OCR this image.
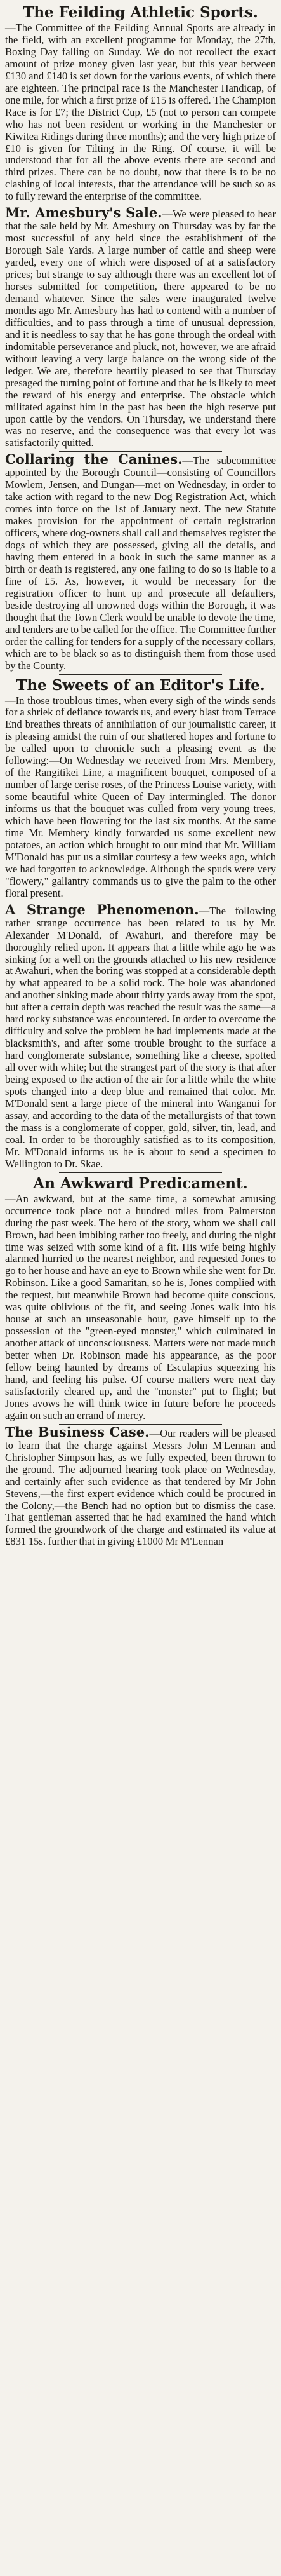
The Feilding Athletic Sports.

—The Committee of the Feilding Annual Sports are already in the field, with an excellent programme for Monday, the 27th, Boxing Day falling on Sunday. We do not recollect the exact amount of prize money given last year, but this year between £130 and £140 is set down for the various events, of which there are eighteen. The principal race is the Manchester Handicap, of one mile, for which a first prize of £15 is offered. The Champion Race is for £7; the District Cup, £5 (not to person can compete who has not been resident or working in the Manchester or Kiwitea Ridings during three months); and the very high prize of £10 is given for Tilting in the Ring. Of course, it will be understood that for all the above events there are second and third prizes. There can be no doubt, now that there is to be no clashing of local interests, that the attendance will be such so as to fully reward the enterprise of the committee.

Mr. Amesbury's Sale.—We were pleased to hear that the sale held by Mr. Amesbury on Thursday was by far the most successful of any held since the establishment of the Borough Sale Yards. A large number of cattle and sheep were yarded, every one of which were disposed of at a satisfactory prices; but strange to say although there was an excellent lot of horses submitted for competition, there appeared to be no demand whatever. Since the sales were inaugurated twelve months ago Mr. Amesbury has had to contend with a number of difficulties, and to pass through a time of unusual depression, and it is needless to say that he has gone through the ordeal with indomitable perseverance and pluck, not, however, we are afraid without leaving a very large balance on the wrong side of the ledger. We are, therefore heartily pleased to see that Thursday presaged the turning point of fortune and that he is likely to meet the reward of his energy and enterprise. The obstacle which militated against him in the past has been the high reserve put upon cattle by the vendors. On Thursday, we understand there was no reserve, and the consequence was that every lot was satisfactorily quitted.

Collaring the Canines.—The subcommittee appointed by the Borough Council—consisting of Councillors Mowlem, Jensen, and Dungan—met on Wednesday, in order to take action with regard to the new Dog Registration Act, which comes into force on the 1st of January next. The new Statute makes provision for the appointment of certain registration officers, where dog-owners shall call and themselves register the dogs of which they are possessed, giving all the details, and having them entered in a book in such the same manner as a birth or death is registered, any one failing to do so is liable to a fine of £5. As, however, it would be necessary for the registration officer to hunt up and prosecute all defaulters, beside destroying all unowned dogs within the Borough, it was thought that the Town Clerk would be unable to devote the time, and tenders are to be called for the office. The Committee further order the calling for tenders for a supply of the necessary collars, which are to be black so as to distinguish them from those used by the County.

The Sweets of an Editor's Life.

—In those troublous times, when every sigh of the winds sends for a shriek of defiance towards us, and every blast from Terrace End breathes threats of annihilation of our journalistic career, it is pleasing amidst the ruin of our shattered hopes and fortune to be called upon to chronicle such a pleasing event as the following:—On Wednesday we received from Mrs. Membery, of the Rangitikei Line, a magnificent bouquet, composed of a number of large cerise roses, of the Princess Louise variety, with some beautiful white Queen of Day intermingled. The donor informs us that the bouquet was culled from very young trees, which have been flowering for the last six months. At the same time Mr. Membery kindly forwarded us some excellent new potatoes, an action which brought to our mind that Mr. William M'Donald has put us a similar courtesy a few weeks ago, which we had forgotten to acknowledge. Although the spuds were very "flowery," gallantry commands us to give the palm to the other floral present.

A Strange Phenomenon.—The following rather strange occurrence has been related to us by Mr. Alexander M'Donald, of Awahuri, and therefore may be thoroughly relied upon. It appears that a little while ago he was sinking for a well on the grounds attached to his new residence at Awahuri, when the boring was stopped at a considerable depth by what appeared to be a solid rock. The hole was abandoned and another sinking made about thirty yards away from the spot, but after a certain depth was reached the result was the same—a hard rocky substance was encountered. In order to overcome the difficulty and solve the problem he had implements made at the blacksmith's, and after some trouble brought to the surface a hard conglomerate substance, something like a cheese, spotted all over with white; but the strangest part of the story is that after being exposed to the action of the air for a little while the white spots changed into a deep blue and remained that color. Mr. M'Donald sent a large piece of the mineral into Wanganui for assay, and according to the data of the metallurgists of that town the mass is a conglomerate of copper, gold, silver, tin, lead, and coal. In order to be thoroughly satisfied as to its composition, Mr. M'Donald informs us he is about to send a specimen to Wellington to Dr. Skae.

An Awkward Predicament.

—An awkward, but at the same time, a somewhat amusing occurrence took place not a hundred miles from Palmerston during the past week. The hero of the story, whom we shall call Brown, had been imbibing rather too freely, and during the night time was seized with some kind of a fit. His wife being highly alarmed hurried to the nearest neighbor, and requested Jones to go to her house and have an eye to Brown while she went for Dr. Robinson. Like a good Samaritan, so he is, Jones complied with the request, but meanwhile Brown had become quite conscious, was quite oblivious of the fit, and seeing Jones walk into his house at such an unseasonable hour, gave himself up to the possession of the "green-eyed monster," which culminated in another attack of unconsciousness. Matters were not made much better when Dr. Robinson made his appearance, as the poor fellow being haunted by dreams of Esculapius squeezing his hand, and feeling his pulse. Of course matters were next day satisfactorily cleared up, and the "monster" put to flight; but Jones avows he will think twice in future before he proceeds again on such an errand of mercy.

The Business Case.—Our readers will be pleased to learn that the charge against Messrs John M'Lennan and Christopher Simpson has, as we fully expected, been thrown to the ground. The adjourned hearing took place on Wednesday, and certainly after such evidence as that tendered by Mr John Stevens,—the first expert evidence which could be procured in the Colony,—the Bench had no option but to dismiss the case. That gentleman asserted that he had examined the hand which formed the groundwork of the charge and estimated its value at £831 15s. further that in giving £1000 Mr M'Lennan
